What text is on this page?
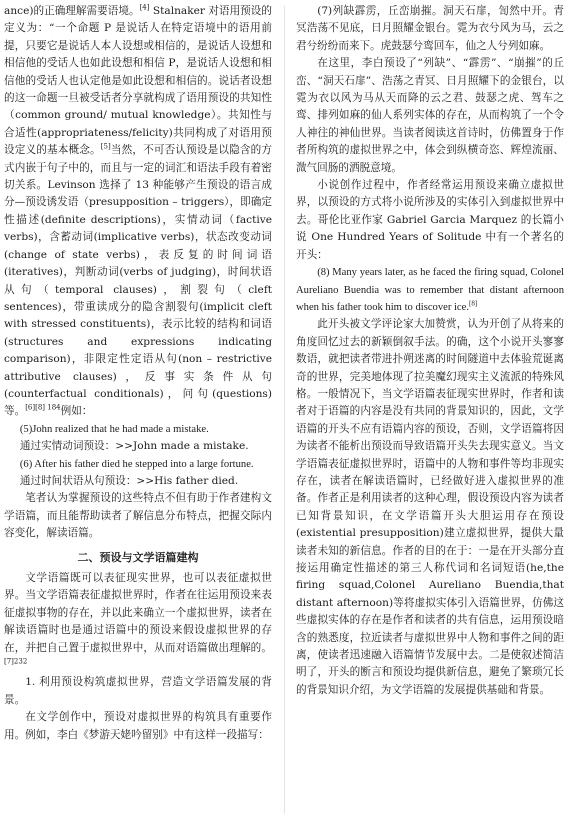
ance)的正确理解需要语境。[4] Stalnaker 对语用预设的定义为：“一个命题 P 是说话人在特定语境中的语用前提，只要它是说话人本人设想或相信的，是说话人设想和相信他的受话人也如此设想和相信 P，是说话人设想和相信他的受话人也认定他是如此设想和相信的。说话者设想的这一命题一旦被受话者分享就构成了语用预设的共知性（common ground/ mutual knowledge）。共知性与合适性(appropriateness/felicity)共同构成了对语用预设定义的基本概念。[5]当然，不可否认预设是以隐含的方式内嵌于句子中的，而且与一定的词汇和语法手段有着密切关系。Levinson 选择了 13 种能够产生预设的语言成分—预设诱发语（presupposition – triggers），即确定性描述(definite descriptions)，实情动词（factive verbs)，含蓄动词(implicative verbs)，状态改变动词(change of state verbs)，表反复的时间词语(iteratives)，判断动词(verbs of judging)，时间状语从句（temporal clauses)，割裂句（cleft sentences)，带重读成分的隐含割裂句(implicit cleft with stressed constituents)，表示比较的结构和词语(structures and expressions indicating comparison)，非限定性定语从句(non – restrictive attributive clauses)，反事实条件从句(counterfactual conditionals)，问句(questions)等。$^{[6][8] 184}$例如：

(5)John realized that he had made a mistake.

通过实情动词预设：>>John made a mistake.

(6) After his father died he stepped into a large fortune.

通过时间状语从句预设：>>His father died.

笔者认为掌握预设的这些特点不但有助于作者建构文学语篇，而且能帮助读者了解信息分布特点，把握交际内容变化，解读语篇。

二、预设与文学语篇建构

文学语篇既可以表征现实世界，也可以表征虚拟世界。当文学语篇表征虚拟世界时，作者在往运用预设来表征虚拟事物的存在，并以此来确立一个虚拟世界，读者在解读语篇时也是通过语篇中的预设来假设虚拟世界的存在，并把自己置于虚拟世界中，从而对语篇做出理解的。$^{[7]232}$

1. 利用预设构筑虚拟世界，营造文学语篇发展的背景。

在文学创作中，预设对虚拟世界的构筑具有重要作用。例如，李白《梦游天姥吟留别》中有这样一段描写：

(7)列缺霹雳，丘峦崩摧。洞天石扉，訇然中开。青冥浩荡不见底，日月照耀金银台。霓为衣兮风为马，云之君兮纷纷而来下。虎鼓瑟兮鸾回车，仙之人兮列如麻。

在这里，李白预设了“列缺”、“霹雳”、“崩摧”的丘峦、“洞天石扉”、浩荡之青冥、日月照耀下的金银台，以霓为衣以风为马从天而降的云之君、鼓瑟之虎、驾车之鸾、排列如麻的仙人系列实体的存在，从而构筑了一个令人神往的神仙世界。当读者阅读这首诗时，仿佛置身于作者所构筑的虚拟世界之中，体会到纵横奇恣、辉煌流丽、溦气回肠的洒脱意境。

小说创作过程中，作者经常运用预设来确立虚拟世界，以预设的方式将小说所涉及的实体引入到虚拟世界中去。哥伦比亚作家 Gabriel Garcia Marquez 的长篇小说 One Hundred Years of Solitude 中有一个著名的开头：

(8) Many years later, as he faced the firing squad, Colonel Aureliano Buendia was to remember that distant afternoon when his father took him to discover ice.[8]

此开头被文学评论家大加赞赏，认为开创了从将来的角度回忆过去的新颖倒叙手法。的确，这个小说开头寥寥数语，就把读者带进扑朔迷离的时间隧道中去体验荒诞离奇的世界，完美地体现了拉美魔幻现实主义流派的特殊风格。一般情况下，当文学语篇表征现实世界时，作者和读者对于语篇的内容是没有共同的背景知识的，因此，文学语篇的开头不应有语篇内容的预设，否则，文学语篇将因为读者不能析出预设而导致语篇开头失去现实意义。当文学语篇表征虚拟世界时，语篇中的人物和事件等均非现实存在，读者在解读语篇时，已经做好进入虚拟世界的准备。作者正是利用读者的这种心理，假设预设内容为读者已知背景知识，在文学语篇开头大胆运用存在预设(existential presupposition)建立虚拟世界，提供大量读者未知的新信息。作者的目的在于：一是在开头部分直接运用确定性描述的第三人称代词和名词短语(he,the firing squad,Colonel Aureliano Buendia,that distant afternoon)等将虚拟实体引入语篇世界，仿佛这些虚拟实体的存在是作者和读者的共有信息，运用预设暗含的熟悉度，拉近读者与虚拟世界中人物和事件之间的距离，使读者迅速融入语篇情节发展中去。二是使叙述简洁明了，开头的断言和预设均提供新信息，避免了繁琐冗长的背景知识介绍，为文学语篇的发展提供基础和背景。
